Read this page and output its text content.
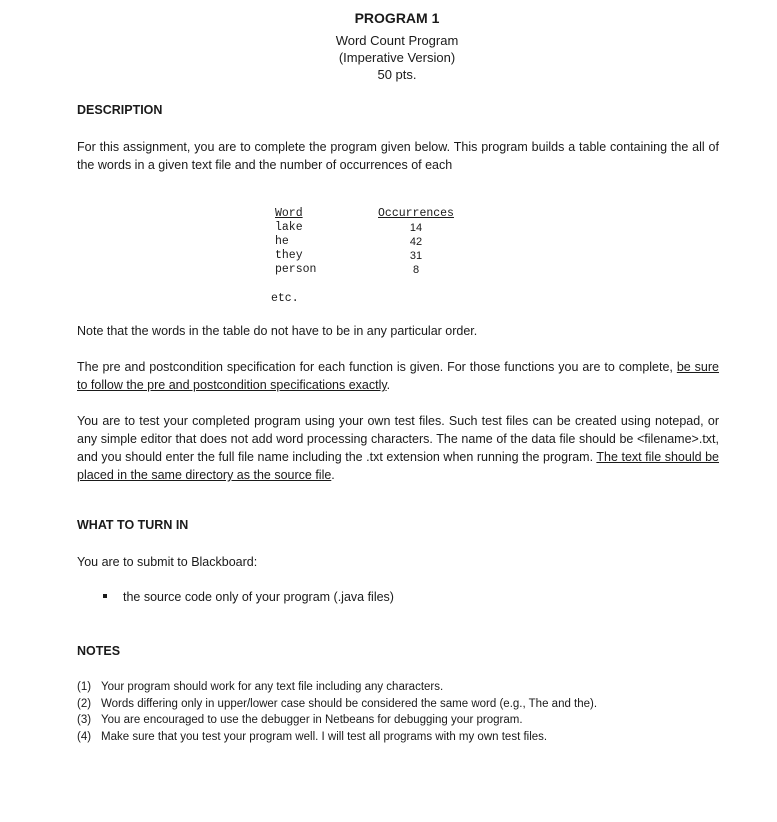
PROGRAM 1
Word Count Program
(Imperative Version)
50 pts.
DESCRIPTION

For this assignment, you are to complete the program given below. This program builds a table containing the all of the words in a given text file and the number of occurrences of each

Word
lake
he
they
person
Occurrences
14
42
31
8
etc.
Note that the words in the table do not have to be in any particular order.

The pre and postcondition specification for each function is given. For those functions you are to complete, be sure to follow the pre and postcondition specifications exactly.

You are to test your completed program using your own test files. Such test files can be created using notepad, or any simple editor that does not add word processing characters. The name of the data file should be <filename>.txt, and you should enter the full file name including the .txt extension when running the program. The text file should be placed in the same directory as the source file.

WHAT TO TURN IN
You are to submit to Blackboard:
the source code only of your program (.java files)
NOTES
(1) Your program should work for any text file including any characters.
(2) Words differing only in upper/lower case should be considered the same word (e.g., The and the).
(3) You are encouraged to use the debugger in Netbeans for debugging your program.
(4) Make sure that you test your program well. I will test all programs with my own test files.
